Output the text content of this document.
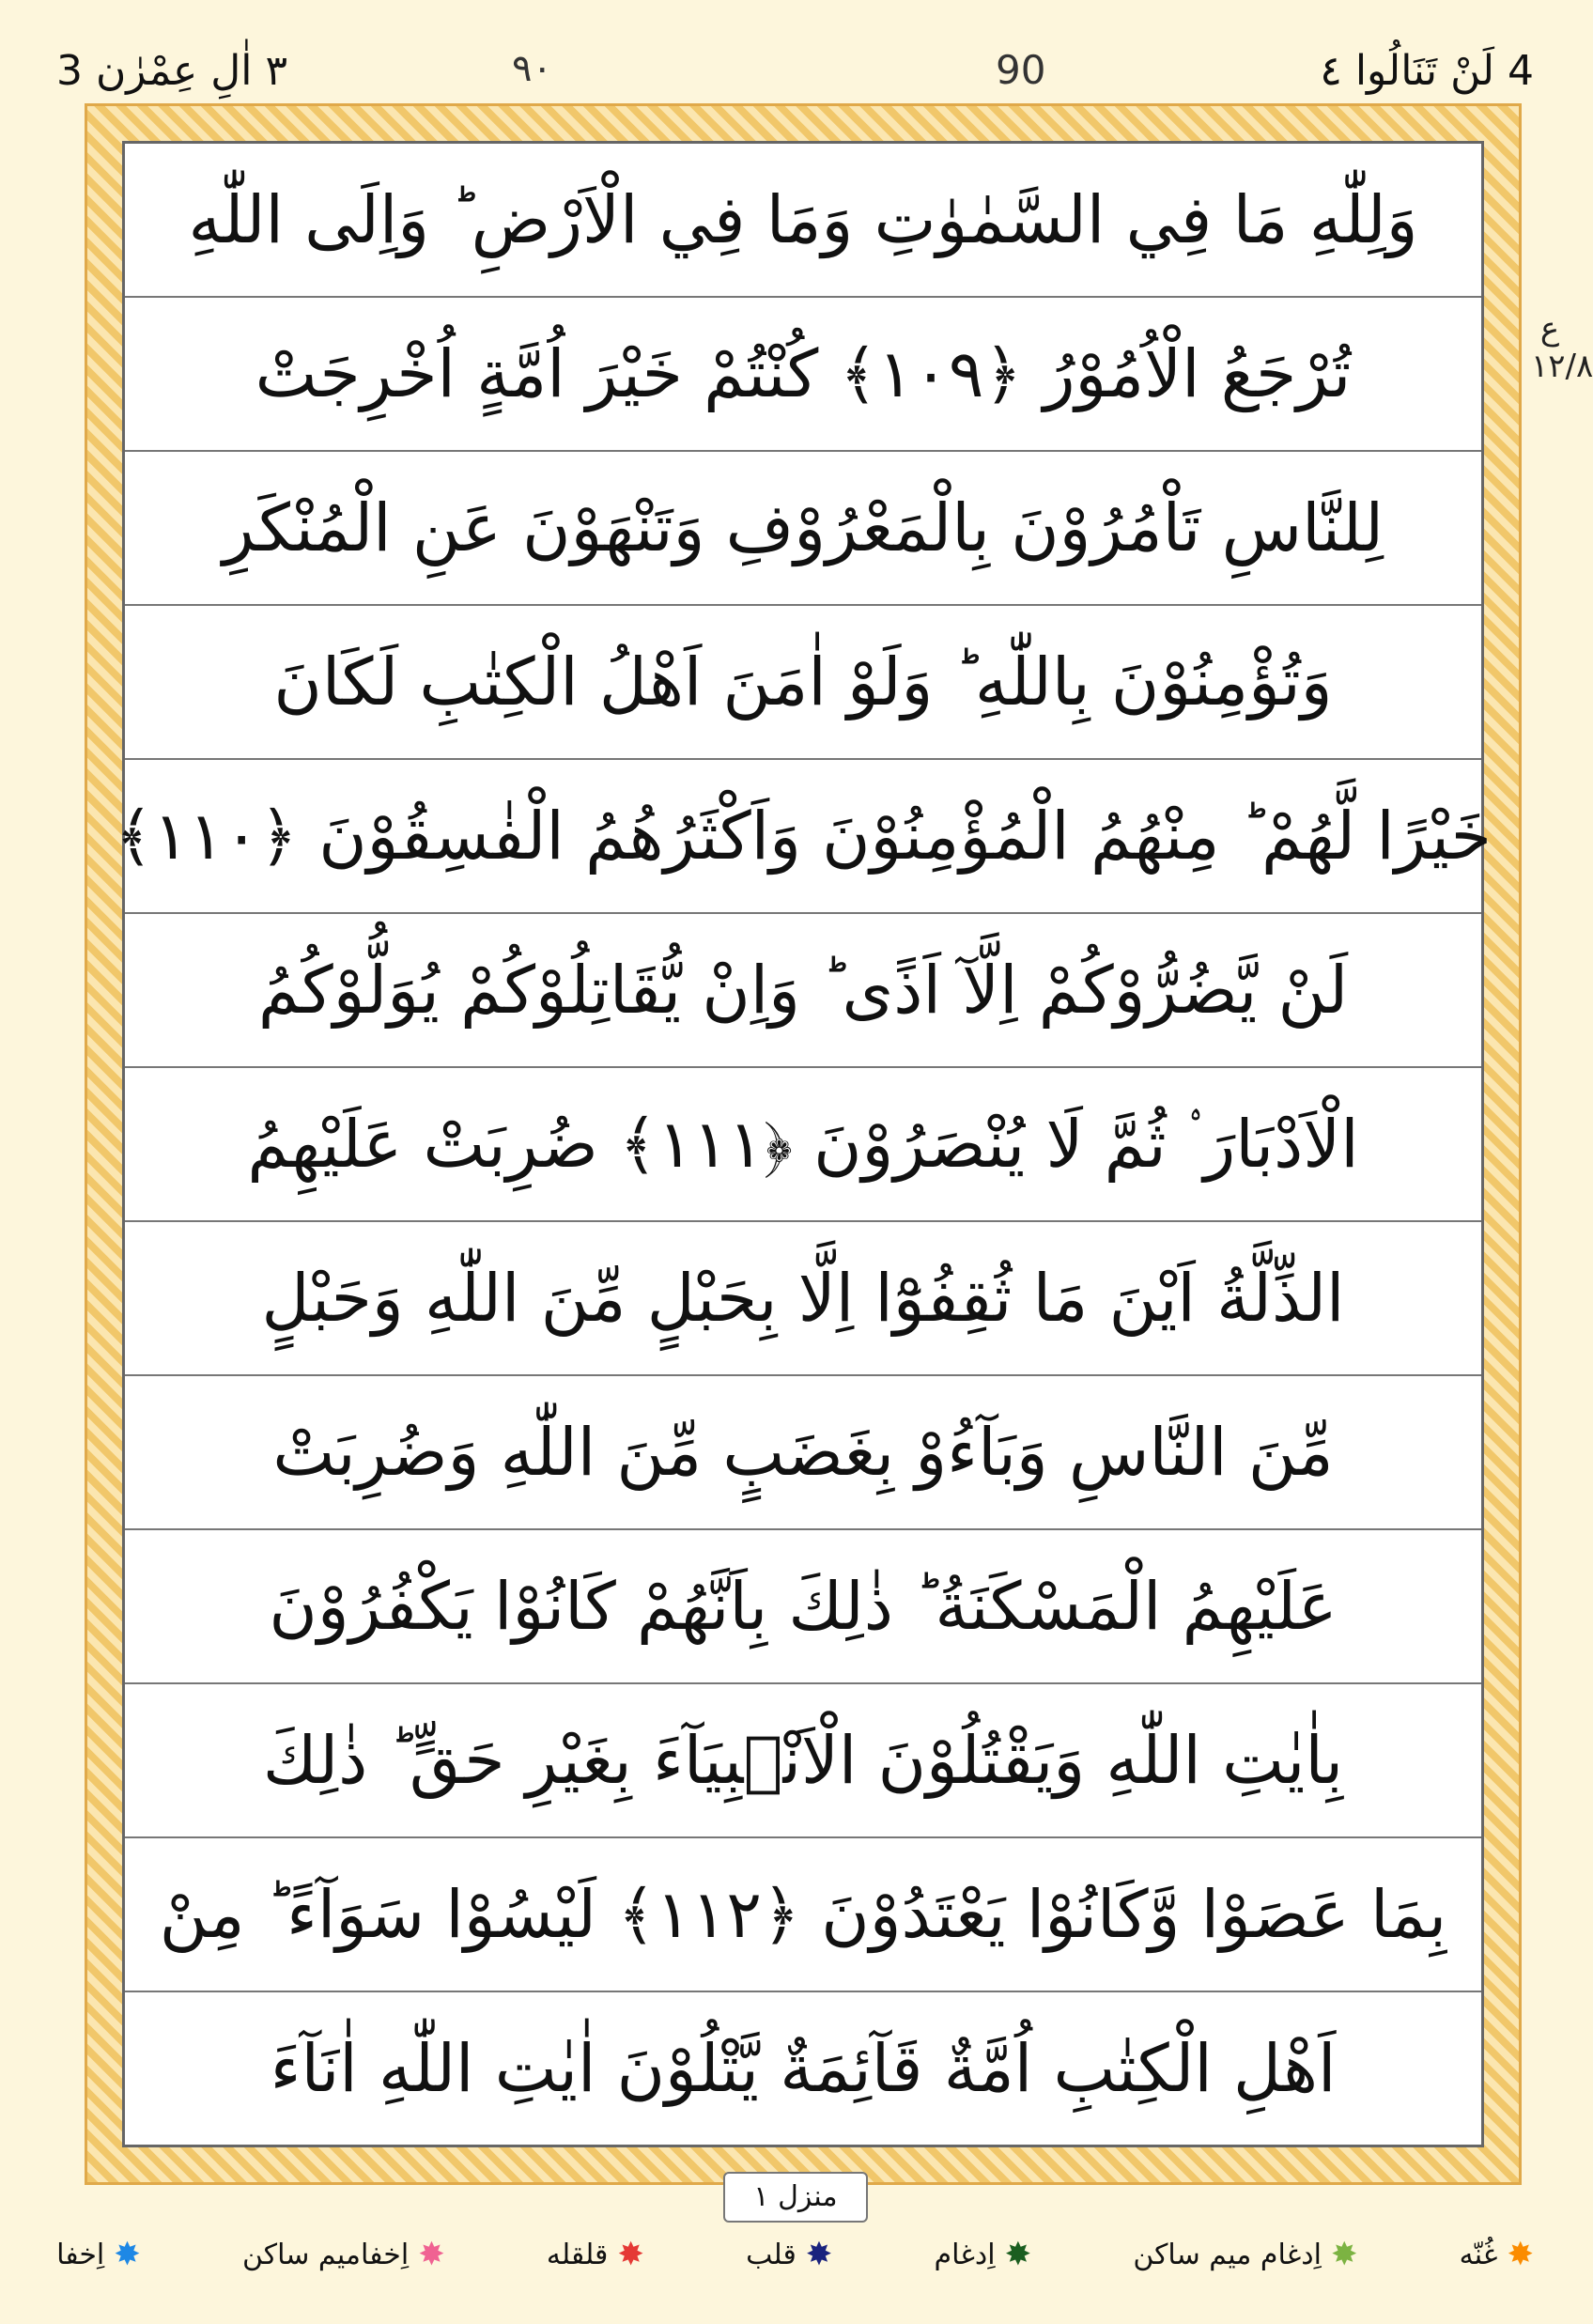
٣ اٰلِ عِمْرٰن 3	٩٠	90	4 لَنْ تَنَالُوا ٤
ع ١٢/٨
وَلِلّٰهِ مَا فِي السَّمٰوٰتِ وَمَا فِي الْاَرْضِ ؕ وَاِلَى اللّٰهِ
تُرْجَعُ الْاُمُوْرُ ﴿١٠٩﴾ كُنْتُمْ خَيْرَ اُمَّةٍ اُخْرِجَتْ
لِلنَّاسِ تَاْمُرُوْنَ بِالْمَعْرُوْفِ وَتَنْهَوْنَ عَنِ الْمُنْكَرِ
وَتُؤْمِنُوْنَ بِاللّٰهِ ؕ وَلَوْ اٰمَنَ اَهْلُ الْكِتٰبِ لَكَانَ
خَيْرًا لَّهُمْ ؕ مِنْهُمُ الْمُؤْمِنُوْنَ وَاَكْثَرُهُمُ الْفٰسِقُوْنَ ﴿١١٠﴾
لَنْ يَّضُرُّوْكُمْ اِلَّآ اَذًى ؕ وَاِنْ يُّقَاتِلُوْكُمْ يُوَلُّوْكُمُ
الْاَدْبَارَ ۟ ثُمَّ لَا يُنْصَرُوْنَ ﴿١١١﴾ ضُرِبَتْ عَلَيْهِمُ
الذِّلَّةُ اَيْنَ مَا ثُقِفُوْٓا اِلَّا بِحَبْلٍ مِّنَ اللّٰهِ وَحَبْلٍ
مِّنَ النَّاسِ وَبَآءُوْ بِغَضَبٍ مِّنَ اللّٰهِ وَضُرِبَتْ
عَلَيْهِمُ الْمَسْكَنَةُ ؕ ذٰلِكَ بِاَنَّهُمْ كَانُوْا يَكْفُرُوْنَ
بِاٰيٰتِ اللّٰهِ وَيَقْتُلُوْنَ الْاَنْۢبِيَآءَ بِغَيْرِ حَقٍّ ؕ ذٰلِكَ
بِمَا عَصَوْا وَّكَانُوْا يَعْتَدُوْنَ ﴿١١٢﴾ لَيْسُوْا سَوَآءً ؕ مِنْ
اَهْلِ الْكِتٰبِ اُمَّةٌ قَآئِمَةٌ يَّتْلُوْنَ اٰيٰتِ اللّٰهِ اٰنَآءَ
منزل ١
✸
اِخفا	✸
اِخفامیم ساکن	✸
قلقله	✸
قلب	✸
اِدغام	✸
اِدغام میم ساکن	✸
غُنّه
